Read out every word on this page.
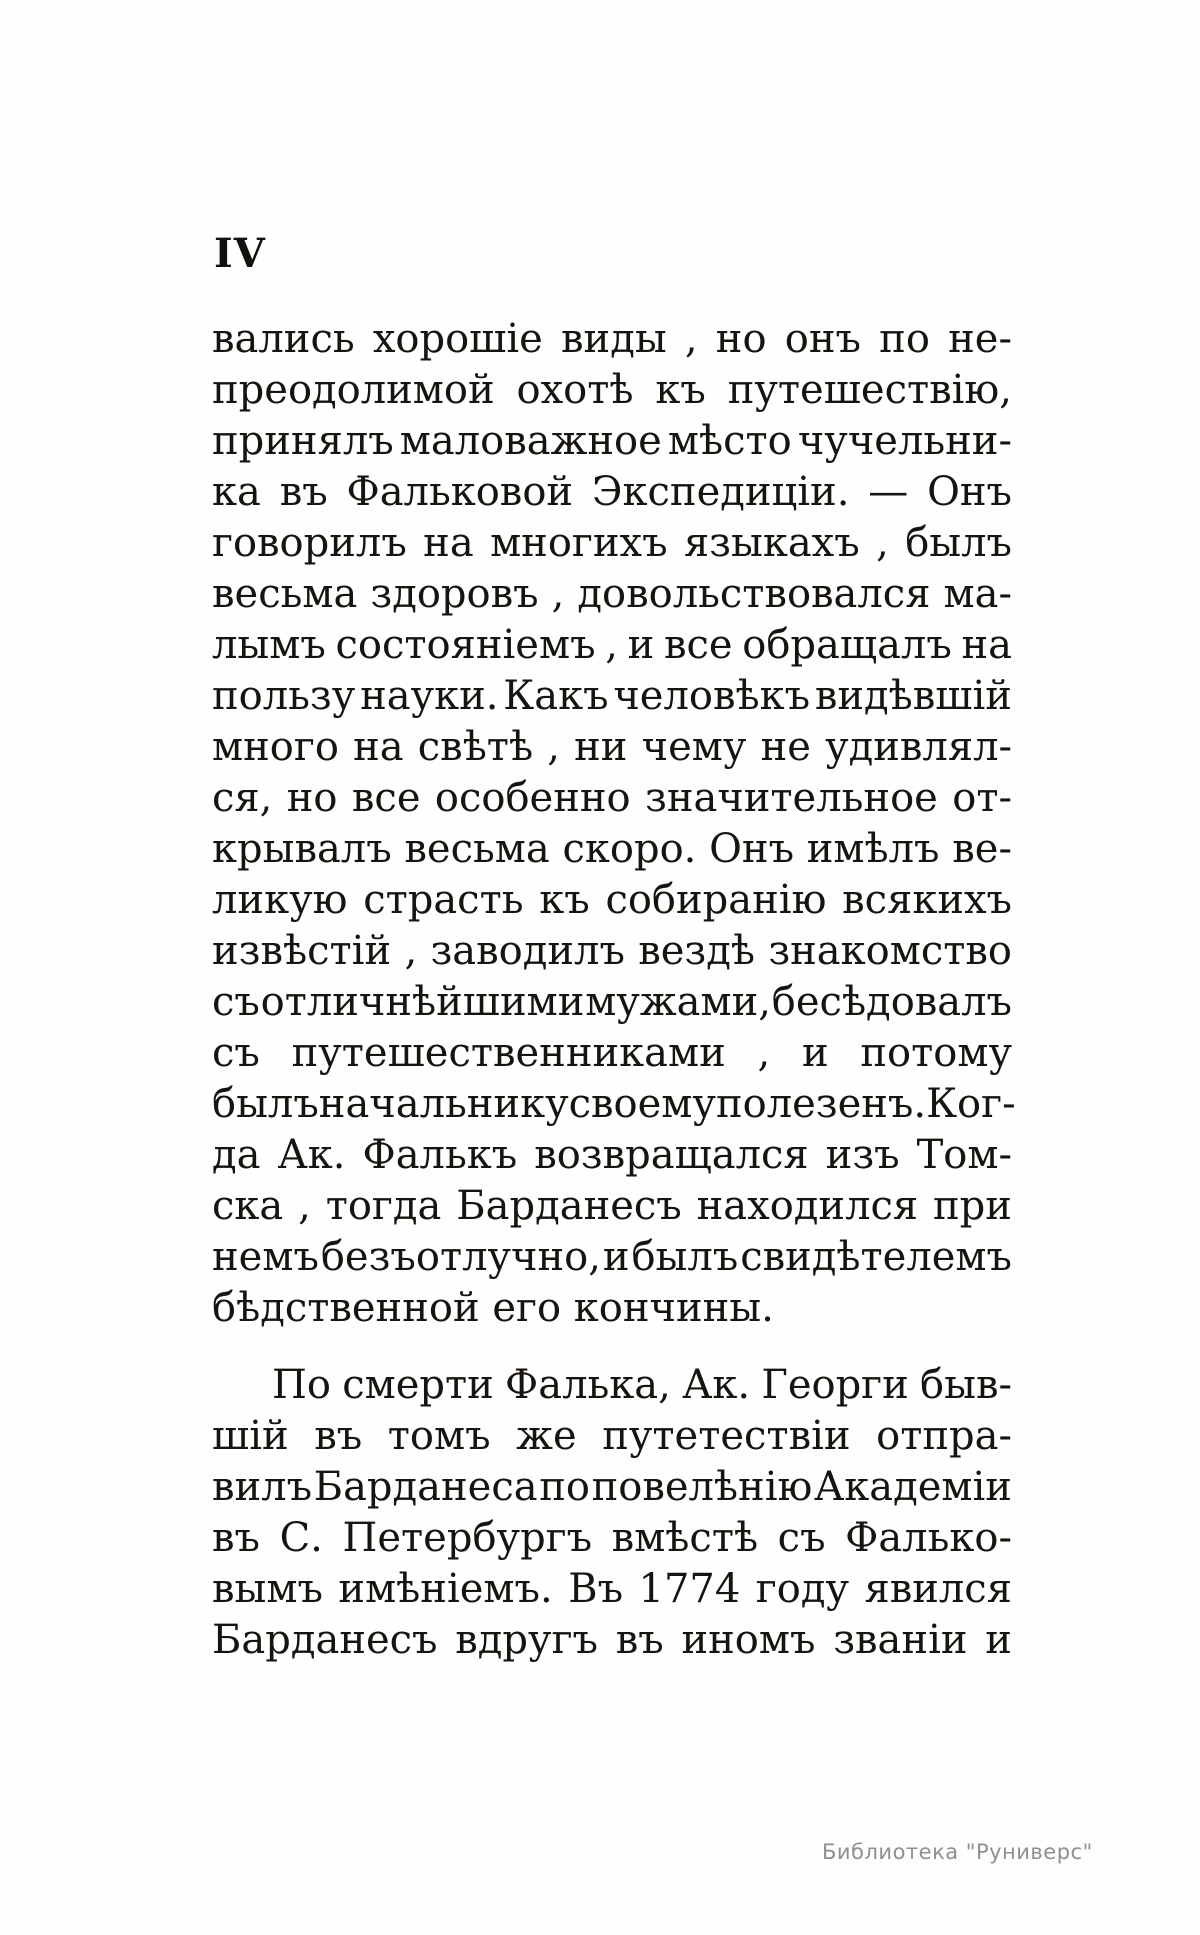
IV
вались хорошіе виды , но онъ по не-
преодолимой охотѣ къ путешествію,
принялъ маловажное мѣсто чучельни-
ка въ Фальковой Экспедиціи. — Онъ
говорилъ на многихъ языкахъ , былъ
весьма здоровъ , довольствовался ма-
лымъ состояніемъ , и все обращалъ на
пользу науки. Какъ человѣкъ видѣвшій
много на свѣтѣ , ни чему не удивлял-
ся, но все особенно значительное от-
крывалъ весьма скоро. Онъ имѣлъ ве-
ликую страсть къ собиранію всякихъ
извѣстій , заводилъ вездѣ знакомство
съ отличнѣйшими мужами, бесѣдовалъ
съ путешественниками , и потому
былъ начальнику своему полезенъ. Ког-
да Ак. Фалькъ возвращался изъ Том-
ска , тогда Барданесъ находился при
немъ безъотлучно, и былъ свидѣтелемъ
бѣдственной его кончины.
По смерти Фалька, Ак. Георги быв-
шій въ томъ же путетествіи отпра-
вилъ Барданеса по повелѣнію Академіи
въ С. Петербургъ вмѣстѣ съ Фалько-
вымъ имѣніемъ. Въ 1774 году явился
Барданесъ вдругъ въ иномъ званіи и
Библиотека "Руниверс"
